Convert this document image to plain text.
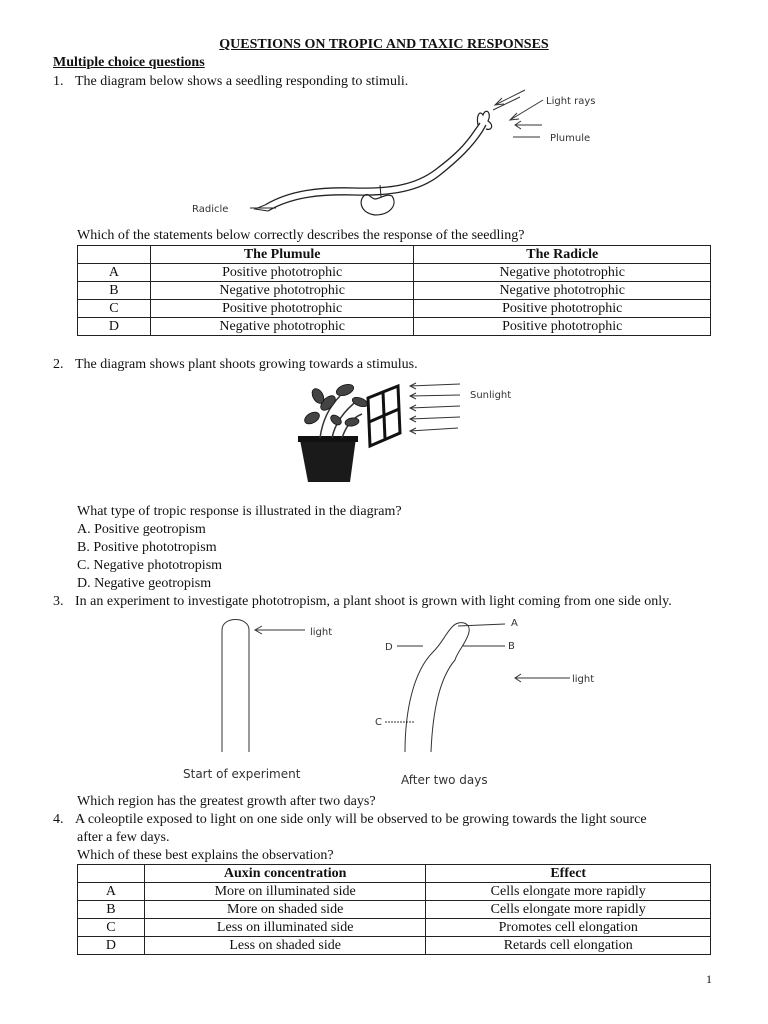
QUESTIONS ON TROPIC AND TAXIC RESPONSES
Multiple choice questions
1. The diagram below shows a seedling responding to stimuli.
Light rays
Plumule
Radicle
Which of the statements below correctly describes the response of the seedling?
	The Plumule	The Radicle
A	Positive phototrophic	Negative phototrophic
B	Negative phototrophic	Negative phototrophic
C	Positive phototrophic	Positive phototrophic
D	Negative phototrophic	Positive phototrophic
2. The diagram shows plant shoots growing towards a stimulus.
Sunlight
What type of tropic response is illustrated in the diagram?
A. Positive geotropism
B. Positive phototropism
C. Negative phototropism
D. Negative geotropism
3. In an experiment to investigate phototropism, a plant shoot is grown with light coming from one side only.
light
A
B
D
C
light
Start of experiment	After two days
Which region has the greatest growth after two days?
4. A coleoptile exposed to light on one side only will be observed to be growing towards the light source
after a few days.
Which of these best explains the observation?
	Auxin concentration	Effect
A	More on illuminated side	Cells elongate more rapidly
B	More on shaded side	Cells elongate more rapidly
C	Less on illuminated side	Promotes cell elongation
D	Less on shaded side	Retards cell elongation
1
